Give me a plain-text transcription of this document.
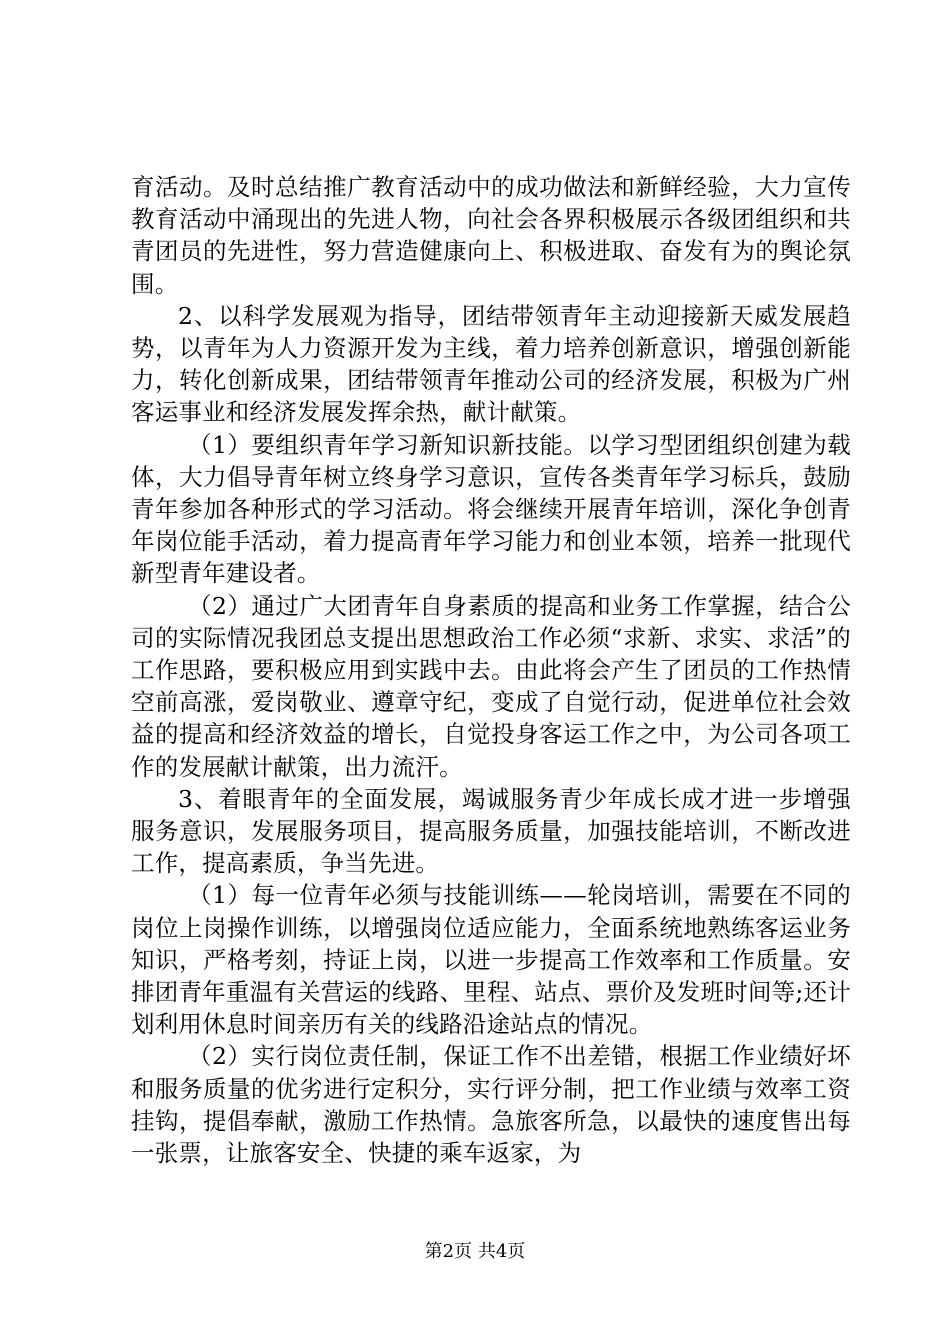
育活动。及时总结推广教育活动中的成功做法和新鲜经验，大力宣传教育活动中涌现出的先进人物，向社会各界积极展示各级团组织和共青团员的先进性，努力营造健康向上、积极进取、奋发有为的舆论氛围。

2、以科学发展观为指导，团结带领青年主动迎接新天威发展趋势，以青年为人力资源开发为主线，着力培养创新意识，增强创新能力，转化创新成果，团结带领青年推动公司的经济发展，积极为广州客运事业和经济发展发挥余热，献计献策。

（1）要组织青年学习新知识新技能。以学习型团组织创建为载体，大力倡导青年树立终身学习意识，宣传各类青年学习标兵，鼓励青年参加各种形式的学习活动。将会继续开展青年培训，深化争创青年岗位能手活动，着力提高青年学习能力和创业本领，培养一批现代新型青年建设者。

（2）通过广大团青年自身素质的提高和业务工作掌握，结合公司的实际情况我团总支提出思想政治工作必须“求新、求实、求活”的工作思路，要积极应用到实践中去。由此将会产生了团员的工作热情空前高涨，爱岗敬业、遵章守纪，变成了自觉行动，促进单位社会效益的提高和经济效益的增长，自觉投身客运工作之中，为公司各项工作的发展献计献策，出力流汗。

3、着眼青年的全面发展，竭诚服务青少年成长成才进一步增强服务意识，发展服务项目，提高服务质量，加强技能培训，不断改进工作，提高素质，争当先进。

（1）每一位青年必须与技能训练——轮岗培训，需要在不同的岗位上岗操作训练，以增强岗位适应能力，全面系统地熟练客运业务知识，严格考刻，持证上岗，以进一步提高工作效率和工作质量。安排团青年重温有关营运的线路、里程、站点、票价及发班时间等;还计划利用休息时间亲历有关的线路沿途站点的情况。

（2）实行岗位责任制，保证工作不出差错，根据工作业绩好坏和服务质量的优劣进行定积分，实行评分制，把工作业绩与效率工资挂钩，提倡奉献，激励工作热情。急旅客所急，以最快的速度售出每一张票，让旅客安全、快捷的乘车返家，为

第2页 共4页
